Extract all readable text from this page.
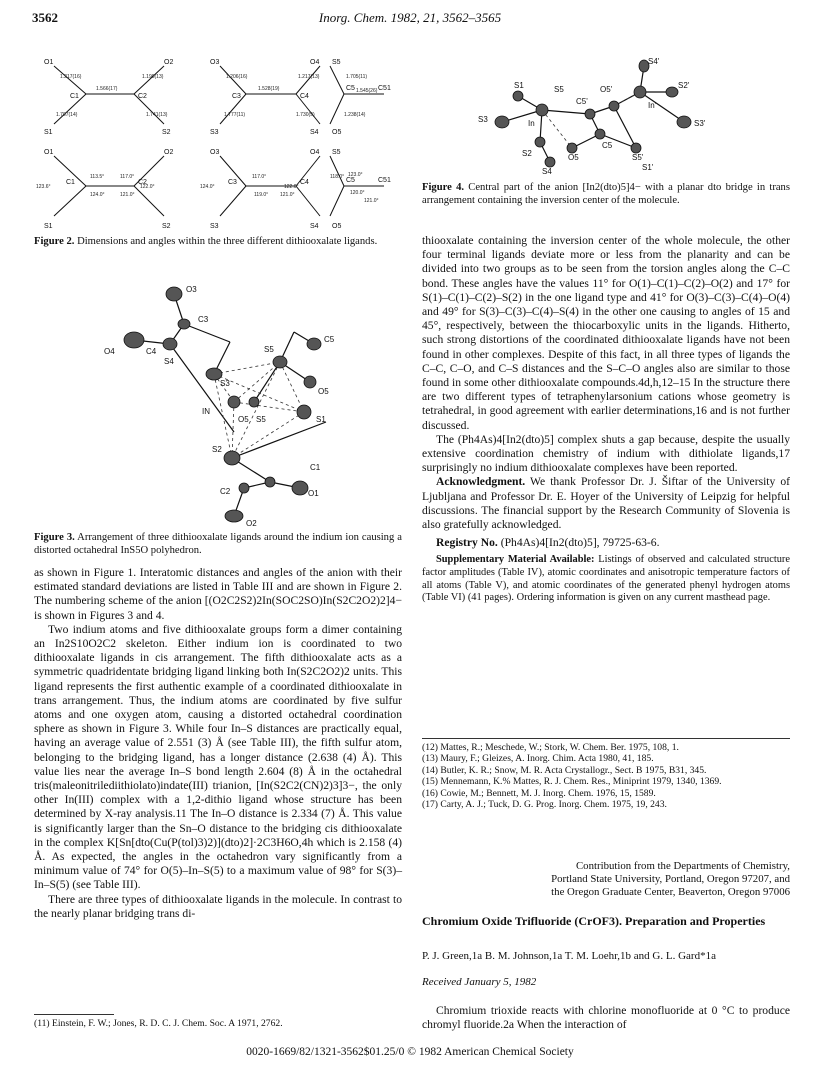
3562	Inorg. Chem. 1982, 21, 3562–3565
O1	O2
C1	C2
S1	S2
O3	O4 S5
C3	C4
C5	C51
S3	S4 O5
O1	O2
C1	C2
S1	S2
O3	O4 S5
C3	C4	C5	C51
S3	S4 O5
1.217(16)	1.198(13)
1.566(17)
1.707(14)	1.741(13)
1.206(16)	1.217(13)	1.705(11)
1.528(19)	1.545(26)
1.777(11)	1.730(9)	1.238(14)
113.5°	117.0°
122.0°
123.6°
124.0°	121.0°
124.0°
117.0°
122.0°
118.0°
119.0° 121.0°
123.0°
120.0°
121.0°
Figure 2. Dimensions and angles within the three different dithiooxalate ligands.
O3
C3
C4
O4
S4
S3
IN
S5
C5
O5
S5
O5	S1
S2
C1
C2	O1
O2
Figure 3. Arrangement of three dithiooxalate ligands around the indium ion causing a distorted octahedral InS5O polyhedron.

as shown in Figure 1. Interatomic distances and angles of the anion with their estimated standard deviations are listed in Table III and are shown in Figure 2. The numbering scheme of the anion [(O2C2S2)2In(SOC2SO)In(S2C2O2)2]4− is shown in Figures 3 and 4.

Two indium atoms and five dithiooxalate groups form a dimer containing an In2S10O2C2 skeleton. Either indium ion is coordinated to two dithiooxalate ligands in cis arrangement. The fifth dithiooxalate acts as a symmetric quadridentate bridging ligand linking both In(S2C2O2)2 units. This ligand represents the first authentic example of a coordinated dithiooxalate in trans arrangement. Thus, the indium atoms are coordinated by five sulfur atoms and one oxygen atom, causing a distorted octahedral coordination sphere as shown in Figure 3. While four In–S distances are practically equal, having an average value of 2.551 (3) Å (see Table III), the fifth sulfur atom, belonging to the bridging ligand, has a longer distance (2.638 (4) Å). This value lies near the average In–S bond length 2.604 (8) Å in the octahedral tris(maleonitrilediithiolato)indate(III) trianion, [In(S2C2(CN)2)3]3−, the only other In(III) complex with a 1,2-dithio ligand whose structure has been determined by X-ray analysis.11 The In–O distance is 2.334 (7) Å. This value is significantly larger than the Sn–O distance to the bridging cis dithiooxalate in the complex K[Sn[dto(Cu(P(tol)3)2)](dto)2]·2C3H6O,4h which is 2.158 (4) Å. As expected, the angles in the octahedron vary significantly from a minimum value of 74° for O(5)–In–S(5) to a maximum value of 98° for S(3)–In–S(5) (see Table III).

There are three types of dithiooxalate ligands in the molecule. In contrast to the nearly planar bridging trans di-

(11) Einstein, F. W.; Jones, R. D. C. J. Chem. Soc. A 1971, 2762.
S4'
S2'
S1	S5	O5'
C5'	In'
S3	In	S3'
C5
O5	S5'
S1'
S2
S4
Figure 4. Central part of the anion [In2(dto)5]4− with a planar dto bridge in trans arrangement containing the inversion center of the molecule.

thiooxalate containing the inversion center of the whole molecule, the other four terminal ligands deviate more or less from the planarity and can be divided into two groups as to be seen from the torsion angles along the C–C bond. These angles have the values 11° for O(1)–C(1)–C(2)–O(2) and 17° for S(1)–C(1)–C(2)–S(2) in the one ligand type and 41° for O(3)–C(3)–C(4)–O(4) and 49° for S(3)–C(3)–C(4)–S(4) in the other one causing to angles of 15 and 45°, respectively, between the thiocarboxylic units in the ligands. Hitherto, such strong distortions of the coordinated dithiooxalate ligands have not been found in other complexes. Despite of this fact, in all three types of ligands the C–C, C–O, and C–S distances and the S–C–O angles also are similar to those found in some other dithiooxalate compounds.4d,h,12–15 In the structure there are two different types of tetraphenylarsonium cations whose geometry is tetrahedral, in good agreement with earlier determinations,16 and is not further discussed.

The (Ph4As)4[In2(dto)5] complex shuts a gap because, despite the usually extensive coordination chemistry of indium with dithiolate ligands,17 surprisingly no indium dithiooxalate complexes have been reported.

Acknowledgment. We thank Professor Dr. J. Šiftar of the University of Ljubljana and Professor Dr. E. Hoyer of the University of Leipzig for helpful discussions. The financial support by the Research Community of Slovenia is also gratefully acknowledged.

Registry No. (Ph4As)4[In2(dto)5], 79725-63-6.

Supplementary Material Available: Listings of observed and calculated structure factor amplitudes (Table IV), atomic coordinates and anisotropic temperature factors of all atoms (Table V), and atomic coordinates of the generated phenyl hydrogen atoms (Table VI) (41 pages). Ordering information is given on any current masthead page.

(12) Mattes, R.; Meschede, W.; Stork, W. Chem. Ber. 1975, 108, 1.
(13) Maury, F.; Gleizes, A. Inorg. Chim. Acta 1980, 41, 185.
(14) Butler, K. R.; Snow, M. R. Acta Crystallogr., Sect. B 1975, B31, 345.
(15) Mennemann, K.% Mattes, R. J. Chem. Res., Miniprint 1979, 1340, 1369.
(16) Cowie, M.; Bennett, M. J. Inorg. Chem. 1976, 15, 1589.
(17) Carty, A. J.; Tuck, D. G. Prog. Inorg. Chem. 1975, 19, 243.
Contribution from the Departments of Chemistry,
Portland State University, Portland, Oregon 97207, and
the Oregon Graduate Center, Beaverton, Oregon 97006
Chromium Oxide Trifluoride (CrOF3). Preparation and Properties
P. J. Green,1a B. M. Johnson,1a T. M. Loehr,1b and G. L. Gard*1a
Received January 5, 1982

Chromium trioxide reacts with chlorine monofluoride at 0 °C to produce chromyl fluoride.2a When the interaction of

0020-1669/82/1321-3562$01.25/0 © 1982 American Chemical Society
